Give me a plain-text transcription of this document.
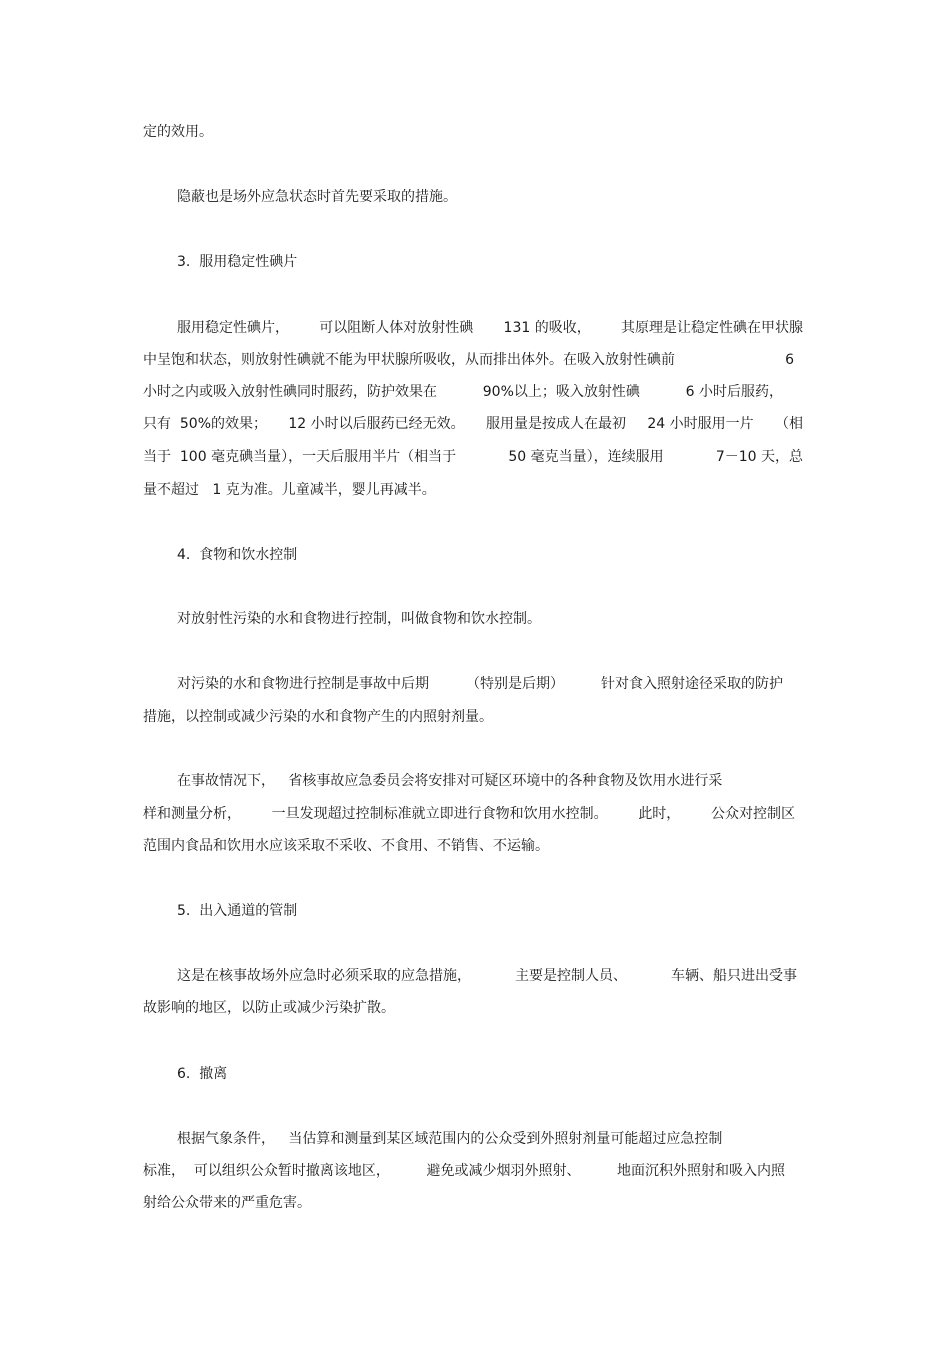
定的效用。
隐蔽也是场外应急状态时首先要采取的措施。
3.  服用稳定性碘片
服用稳定性碘片， 可以阻断人体对放射性碘 131 的吸收， 其原理是让稳定性碘在甲状腺
中呈饱和状态，则放射性碘就不能为甲状腺所吸收，从而排出体外。在吸入放射性碘前	6
小时之内或吸入放射性碘同时服药，防护效果在	90%以上；吸入放射性碘	6 小时后服药，
只有  50%的效果； 12 小时以后服药已经无效。 服用量是按成人在最初 24 小时服用一片 （相
当于  100 毫克碘当量），一天后服用半片（相当于	50 毫克当量），连续服用	7－10 天，总
量不超过   1 克为准。儿童减半，婴儿再减半。
4.  食物和饮水控制
对放射性污染的水和食物进行控制，叫做食物和饮水控制。
对污染的水和食物进行控制是事故中后期	（特别是后期）	针对食入照射途径采取的防护
措施，以控制或减少污染的水和食物产生的内照射剂量。
在事故情况下，   省核事故应急委员会将安排对可疑区环境中的各种食物及饮用水进行采
样和测量分析， 一旦发现超过控制标准就立即进行食物和饮用水控制。 此时， 公众对控制区
范围内食品和饮用水应该采取不采收、不食用、不销售、不运输。
5.  出入通道的管制
这是在核事故场外应急时必须采取的应急措施，	主要是控制人员、	车辆、船只进出受事
故影响的地区，以防止或减少污染扩散。
6.  撤离
根据气象条件，   当估算和测量到某区域范围内的公众受到外照射剂量可能超过应急控制
标准，  可以组织公众暂时撤离该地区，	避免或减少烟羽外照射、	地面沉积外照射和吸入内照
射给公众带来的严重危害。
